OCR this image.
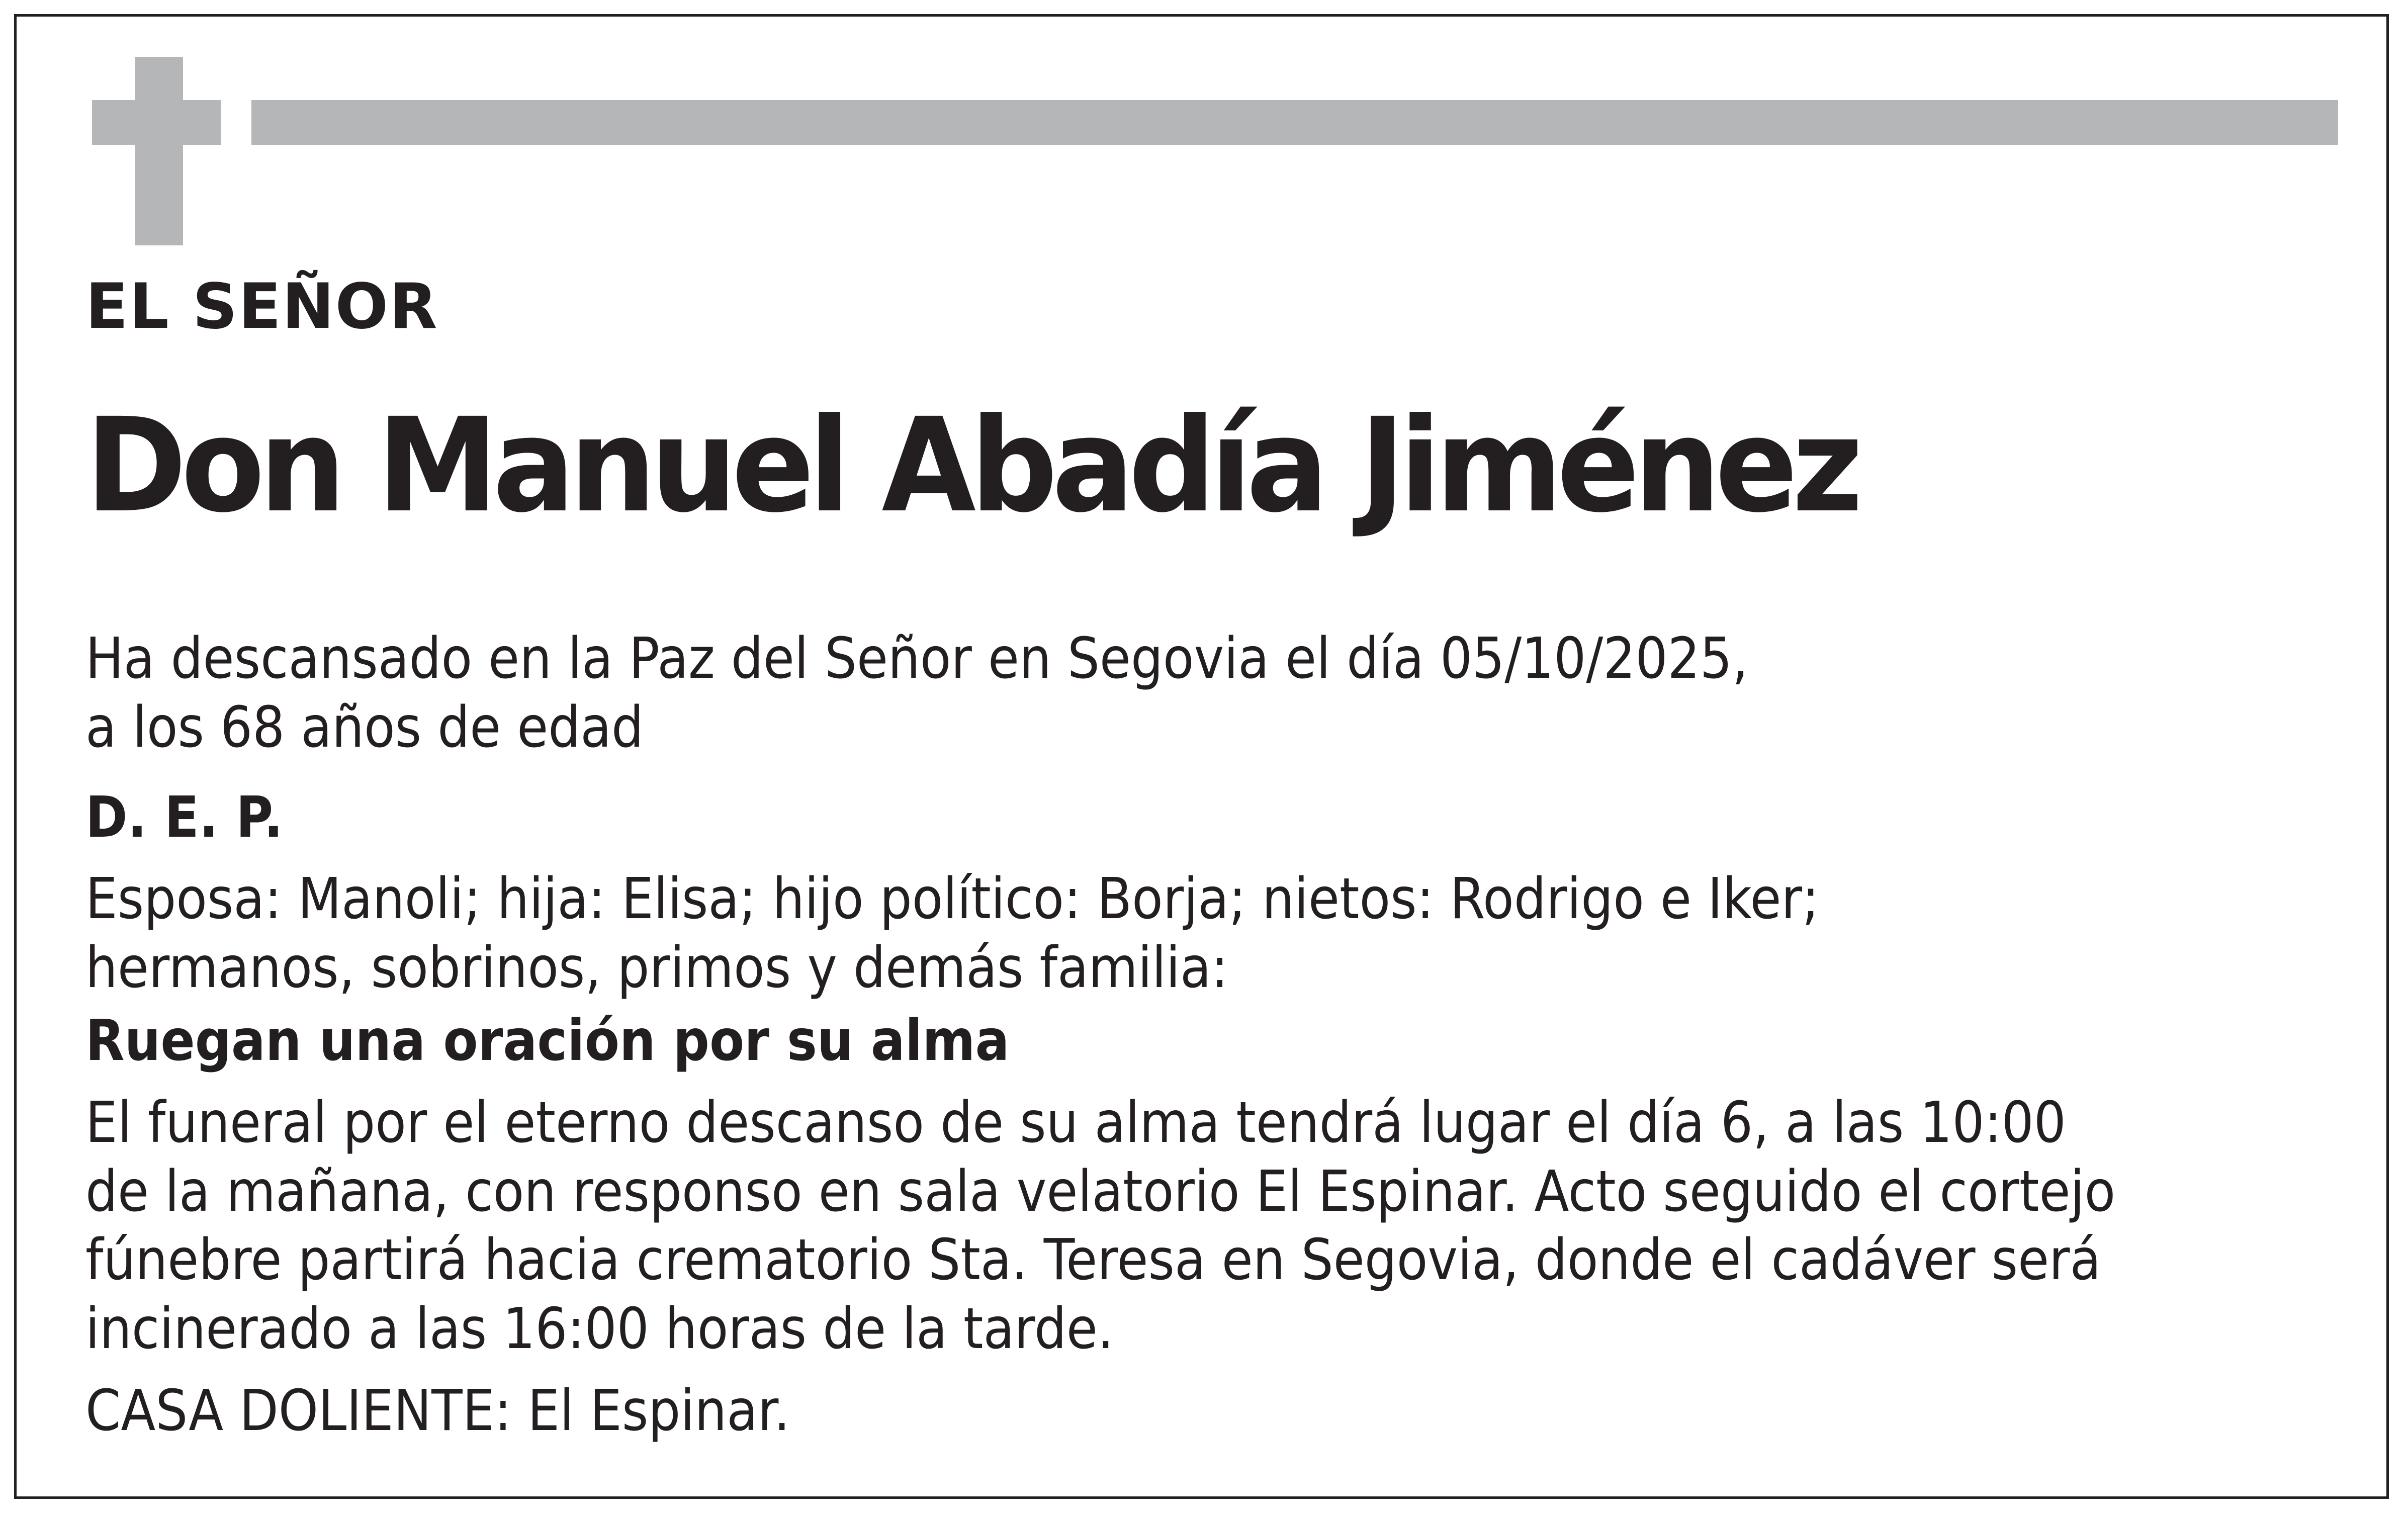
EL SEÑOR

Don Manuel Abadía Jiménez

Ha descansado en la Paz del Señor en Segovia el día 05/10/2025,
a los 68 años de edad

D. E. P.

Esposa: Manoli; hija: Elisa; hijo político: Borja; nietos: Rodrigo e Iker;
hermanos, sobrinos, primos y demás familia:

Ruegan una oración por su alma

El funeral por el eterno descanso de su alma tendrá lugar el día 6, a las 10:00
de la mañana, con responso en sala velatorio El Espinar. Acto seguido el cortejo
fúnebre partirá hacia crematorio Sta. Teresa en Segovia, donde el cadáver será
incinerado a las 16:00 horas de la tarde.

CASA DOLIENTE: El Espinar.
